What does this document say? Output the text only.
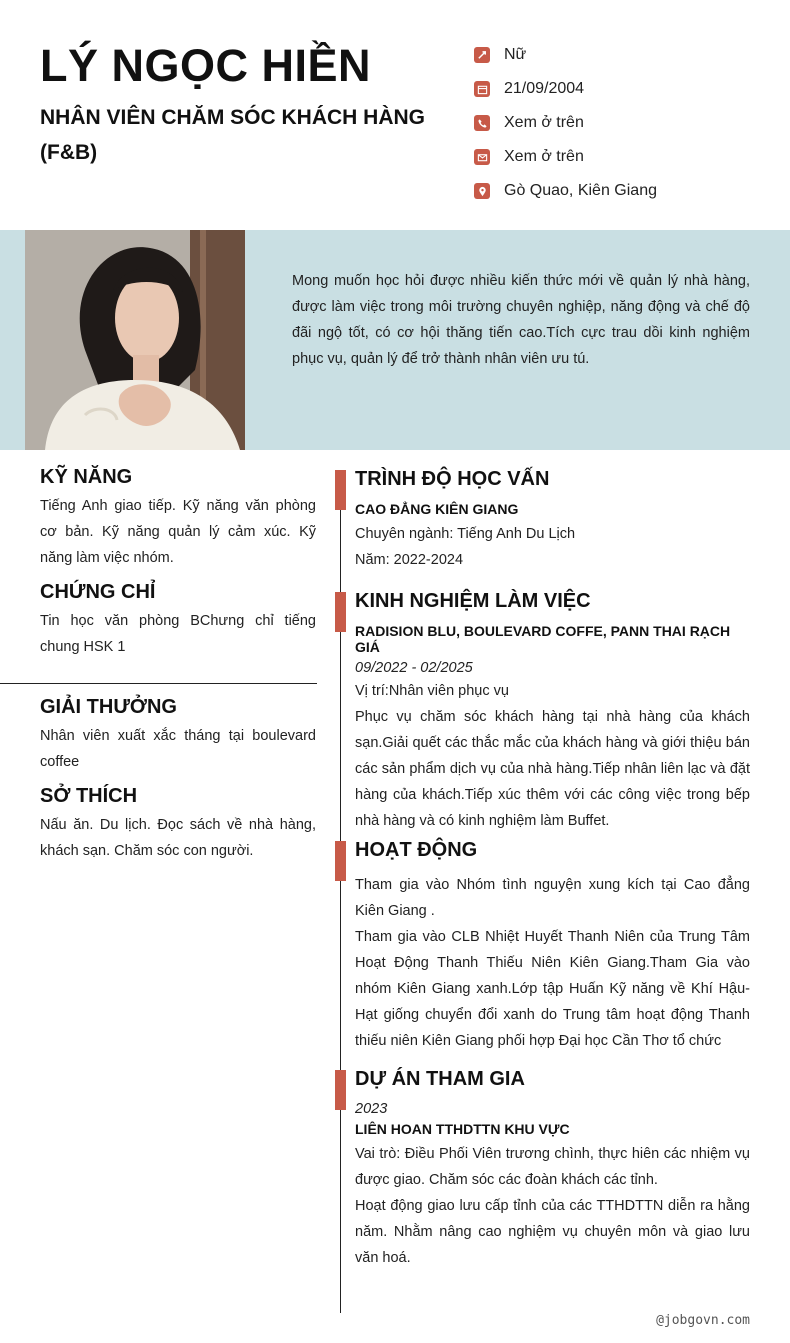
LÝ NGỌC HIỀN
NHÂN VIÊN CHĂM SÓC KHÁCH HÀNG (F&B)
Nữ
21/09/2004
Xem ở trên
Xem ở trên
Gò Quao, Kiên Giang
Mong muốn học hỏi được nhiều kiến thức mới về quản lý nhà hàng, được làm việc trong môi trường chuyên nghiệp, năng động và chế độ đãi ngộ tốt, có cơ hội thăng tiến cao.Tích cực trau dồi kinh nghiệm phục vụ, quản lý để trở thành nhân viên ưu tú.
KỸ NĂNG
Tiếng Anh giao tiếp. Kỹ năng văn phòng cơ bản. Kỹ năng quản lý cảm xúc. Kỹ năng làm việc nhóm.
CHỨNG CHỈ
Tin học văn phòng BChưng chỉ tiếng chung HSK 1
GIẢI THƯỞNG
Nhân viên xuất xắc tháng tại boulevard coffee
SỞ THÍCH
Nấu ăn. Du lịch. Đọc sách về nhà hàng, khách sạn. Chăm sóc con người.
TRÌNH ĐỘ HỌC VẤN
CAO ĐẲNG KIÊN GIANG
Chuyên ngành: Tiếng Anh Du Lịch
Năm: 2022-2024
KINH NGHIỆM LÀM VIỆC
RADISION BLU, BOULEVARD COFFE, PANN THAI RẠCH GIÁ
09/2022 - 02/2025
Vị trí:Nhân viên phục vụ
Phục vụ chăm sóc khách hàng tại nhà hàng của khách sạn.Giải quết các thắc mắc của khách hàng và giới thiệu bán các sản phẩm dịch vụ của nhà hàng.Tiếp nhân liên lạc và đặt hàng của khách.Tiếp xúc thêm với các công việc trong bếp nhà hàng và có kinh nghiệm làm Buffet.
HOẠT ĐỘNG
Tham gia vào Nhóm tình nguyện xung kích tại Cao đẳng Kiên Giang .
Tham gia vào CLB Nhiệt Huyết Thanh Niên của Trung Tâm Hoạt Động Thanh Thiếu Niên Kiên Giang.Tham Gia vào nhóm Kiên Giang xanh.Lớp tập Huấn Kỹ năng về Khí Hậu- Hạt giống chuyển đổi xanh do Trung tâm hoạt động Thanh thiếu niên Kiên Giang phối hợp Đại học Cần Thơ tổ chức
DỰ ÁN THAM GIA
2023
LIÊN HOAN TTHDTTN KHU VỰC
Vai trò: Điều Phối Viên trương chình, thực hiên các nhiệm vụ được giao. Chăm sóc các đoàn khách các tỉnh.
Hoạt động giao lưu cấp tỉnh của các TTHDTTN diễn ra hằng năm. Nhằm nâng cao nghiệm vụ chuyên môn và giao lưu văn hoá.
@jobgovn.com
